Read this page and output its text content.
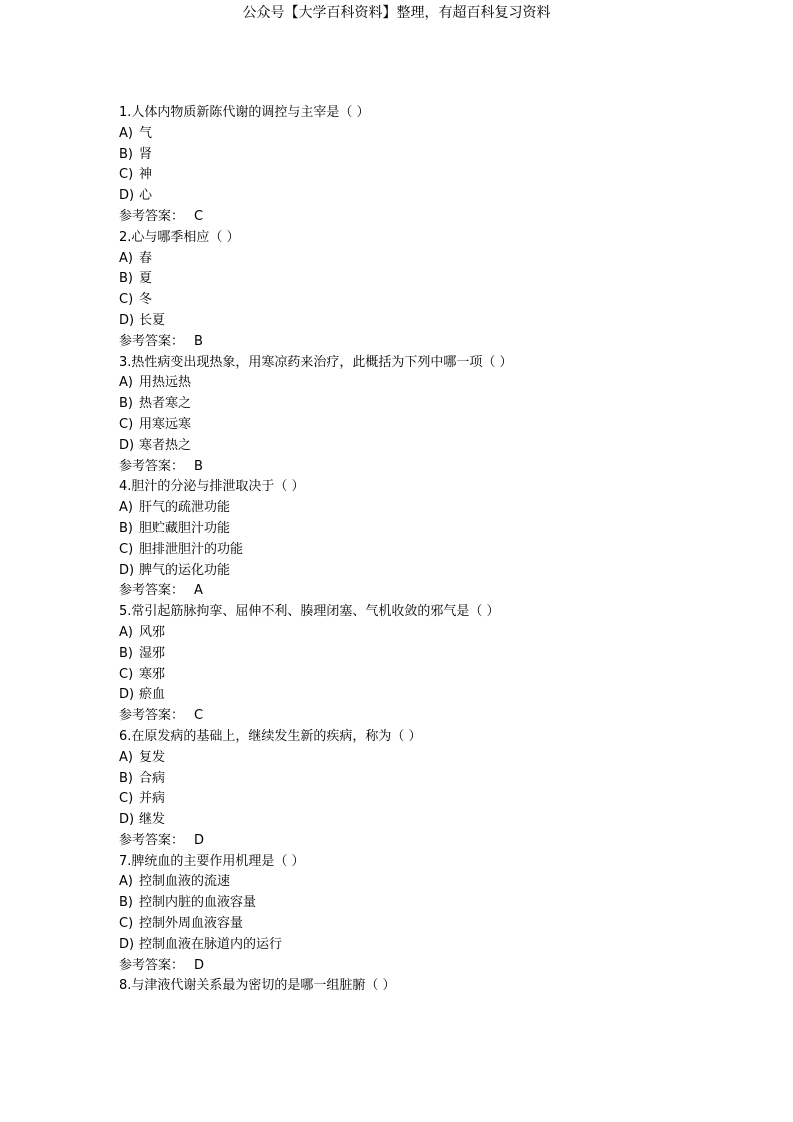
公众号【大学百科资料】整理，有超百科复习资料
1.人体内物质新陈代谢的调控与主宰是（ ）
A) 气
B) 肾
C) 神
D) 心
参考答案： C
2.心与哪季相应（ ）
A) 春
B) 夏
C) 冬
D) 长夏
参考答案： B
3.热性病变出现热象，用寒凉药来治疗，此概括为下列中哪一项（ ）
A) 用热远热
B) 热者寒之
C) 用寒远寒
D) 寒者热之
参考答案： B
4.胆汁的分泌与排泄取决于（ ）
A) 肝气的疏泄功能
B) 胆贮藏胆汁功能
C) 胆排泄胆汁的功能
D) 脾气的运化功能
参考答案： A
5.常引起筋脉拘挛、屈伸不利、腠理闭塞、气机收敛的邪气是（ ）
A) 风邪
B) 湿邪
C) 寒邪
D) 瘀血
参考答案： C
6.在原发病的基础上，继续发生新的疾病，称为（ ）
A) 复发
B) 合病
C) 并病
D) 继发
参考答案： D
7.脾统血的主要作用机理是（ ）
A) 控制血液的流速
B) 控制内脏的血液容量
C) 控制外周血液容量
D) 控制血液在脉道内的运行
参考答案： D
8.与津液代谢关系最为密切的是哪一组脏腑（ ）
